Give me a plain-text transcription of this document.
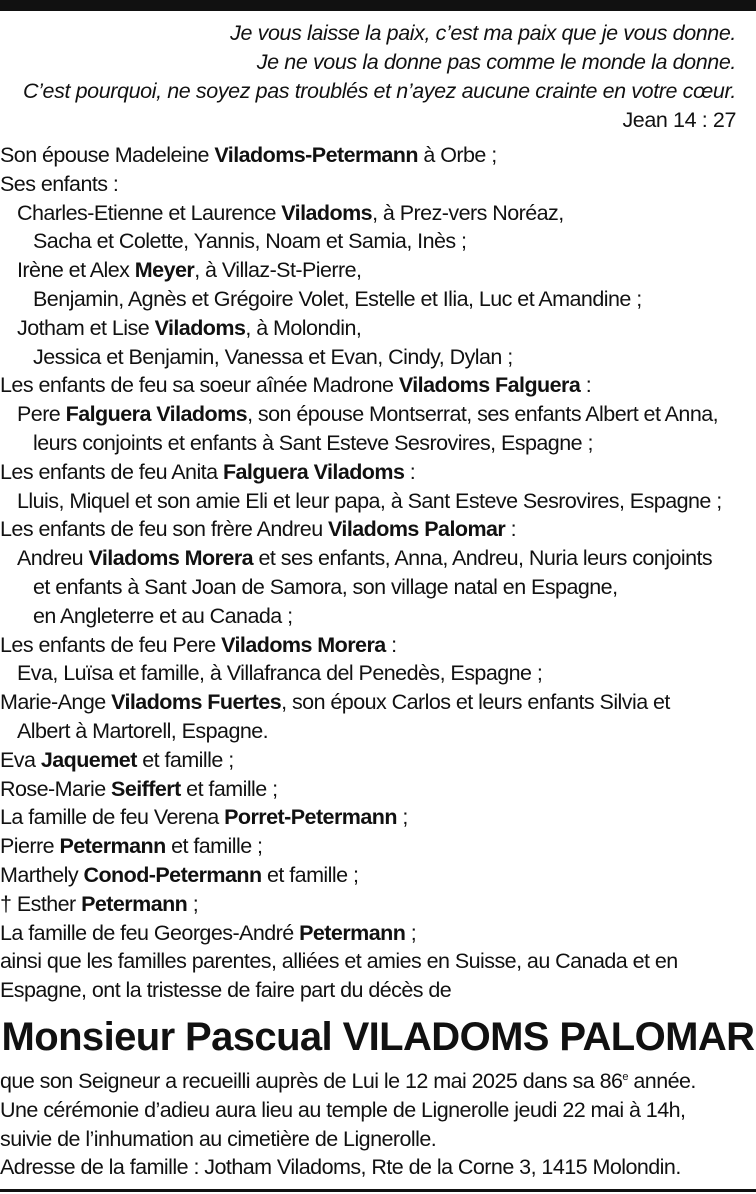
Je vous laisse la paix, c’est ma paix que je vous donne.
Je ne vous la donne pas comme le monde la donne.
C’est pourquoi, ne soyez pas troublés et n’ayez aucune crainte en votre cœur.
Jean 14 : 27
Son épouse Madeleine Viladoms-Petermann à Orbe ;
Ses enfants :
Charles-Etienne et Laurence Viladoms, à Prez-vers Noréaz,
Sacha et Colette, Yannis, Noam et Samia, Inès ;
Irène et Alex Meyer, à Villaz-St-Pierre,
Benjamin, Agnès et Grégoire Volet, Estelle et Ilia, Luc et Amandine ;
Jotham et Lise Viladoms, à Molondin,
Jessica et Benjamin, Vanessa et Evan, Cindy, Dylan ;
Les enfants de feu sa soeur aînée Madrone Viladoms Falguera :
Pere Falguera Viladoms, son épouse Montserrat, ses enfants Albert et Anna,
leurs conjoints et enfants à Sant Esteve Sesrovires, Espagne ;
Les enfants de feu Anita Falguera Viladoms :
Lluis, Miquel et son amie Eli et leur papa, à Sant Esteve Sesrovires, Espagne ;
Les enfants de feu son frère Andreu Viladoms Palomar :
Andreu Viladoms Morera et ses enfants, Anna, Andreu, Nuria leurs conjoints
et enfants à Sant Joan de Samora, son village natal en Espagne,
en Angleterre et au Canada ;
Les enfants de feu Pere Viladoms Morera :
Eva, Luïsa et famille, à Villafranca del Penedès, Espagne ;
Marie-Ange Viladoms Fuertes, son époux Carlos et leurs enfants Silvia et
Albert à Martorell, Espagne.
Eva Jaquemet et famille ;
Rose-Marie Seiffert et famille ;
La famille de feu Verena Porret-Petermann ;
Pierre Petermann et famille ;
Marthely Conod-Petermann et famille ;
† Esther Petermann ;
La famille de feu Georges-André Petermann ;
ainsi que les familles parentes, alliées et amies en Suisse, au Canada et en
Espagne, ont la tristesse de faire part du décès de
Monsieur Pascual VILADOMS PALOMAR
que son Seigneur a recueilli auprès de Lui le 12 mai 2025 dans sa 86e année.
Une cérémonie d’adieu aura lieu au temple de Lignerolle jeudi 22 mai à 14h,
suivie de l’inhumation au cimetière de Lignerolle.
Adresse de la famille : Jotham Viladoms, Rte de la Corne 3, 1415 Molondin.
